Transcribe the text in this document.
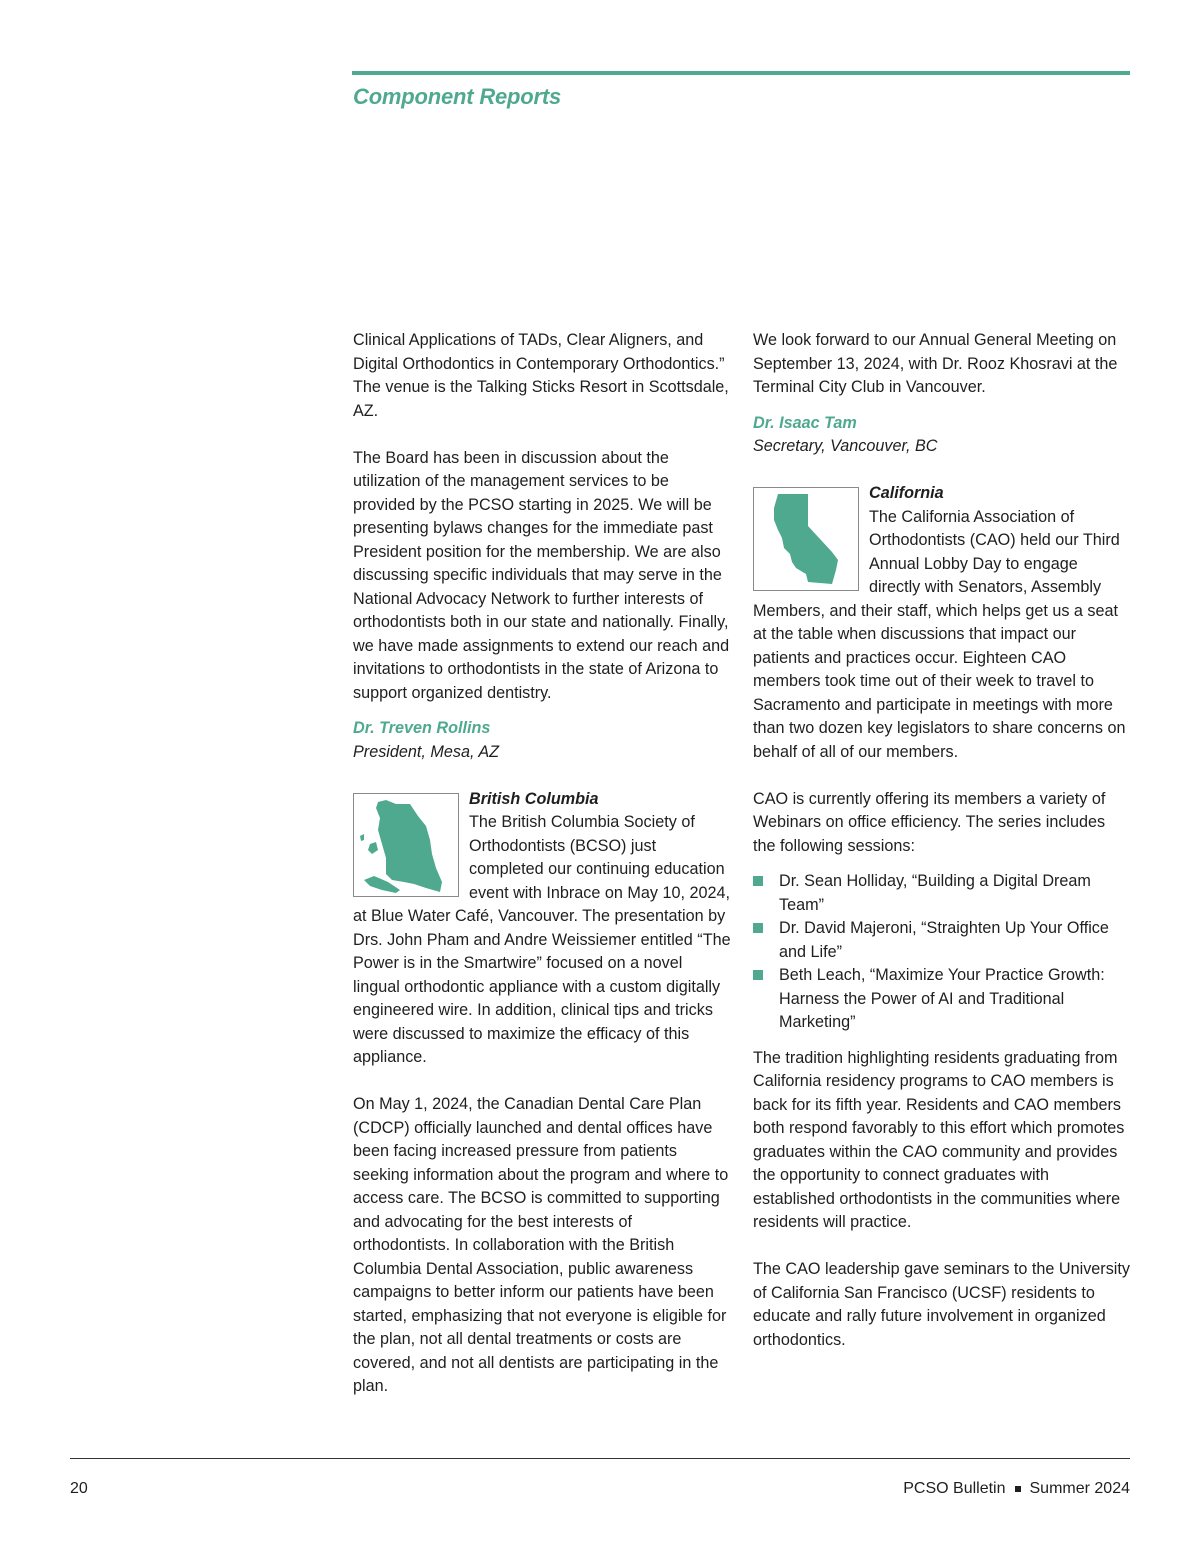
Component Reports

Clinical Applications of TADs, Clear Aligners, and Digital Orthodontics in Contemporary Orthodontics.” The venue is the Talking Sticks Resort in Scottsdale, AZ.

The Board has been in discussion about the utilization of the management services to be provided by the PCSO starting in 2025. We will be presenting bylaws changes for the immediate past President position for the membership. We are also discussing specific individuals that may serve in the National Advocacy Network to further interests of orthodontists both in our state and nationally. Finally, we have made assignments to extend our reach and invitations to orthodontists in the state of Arizona to support organized dentistry.

Dr. Treven Rollins

President, Mesa, AZ

British Columbia

The British Columbia Society of Orthodontists (BCSO) just completed our continuing education event with Inbrace on May 10, 2024, at Blue Water Café, Vancouver. The presentation by Drs. John Pham and Andre Weissiemer entitled “The Power is in the Smartwire” focused on a novel lingual orthodontic appliance with a custom digitally engineered wire. In addition, clinical tips and tricks were discussed to maximize the efficacy of this appliance.

On May 1, 2024, the Canadian Dental Care Plan (CDCP) officially launched and dental offices have been facing increased pressure from patients seeking information about the program and where to access care. The BCSO is committed to supporting and advocating for the best interests of orthodontists. In collaboration with the British Columbia Dental Association, public awareness campaigns to better inform our patients have been started, emphasizing that not everyone is eligible for the plan, not all dental treatments or costs are covered, and not all dentists are participating in the plan.

We look forward to our Annual General Meeting on September 13, 2024, with Dr. Rooz Khosravi at the Terminal City Club in Vancouver.

Dr. Isaac Tam

Secretary, Vancouver, BC

California

The California Association of Orthodontists (CAO) held our Third Annual Lobby Day to engage directly with Senators, Assembly Members, and their staff, which helps get us a seat at the table when discussions that impact our patients and practices occur. Eighteen CAO members took time out of their week to travel to Sacramento and participate in meetings with more than two dozen key legislators to share concerns on behalf of all of our members.

CAO is currently offering its members a variety of Webinars on office efficiency. The series includes the following sessions:

Dr. Sean Holliday, “Building a Digital Dream Team”
Dr. David Majeroni, “Straighten Up Your Office and Life”
Beth Leach, “Maximize Your Practice Growth: Harness the Power of AI and Traditional Marketing”

The tradition highlighting residents graduating from California residency programs to CAO members is back for its fifth year. Residents and CAO members both respond favorably to this effort which promotes graduates within the CAO community and provides the opportunity to connect graduates with established orthodontists in the communities where residents will practice.

The CAO leadership gave seminars to the University of California San Francisco (UCSF) residents to educate and rally future involvement in organized orthodontics.

20	PCSO Bulletin Summer 2024
